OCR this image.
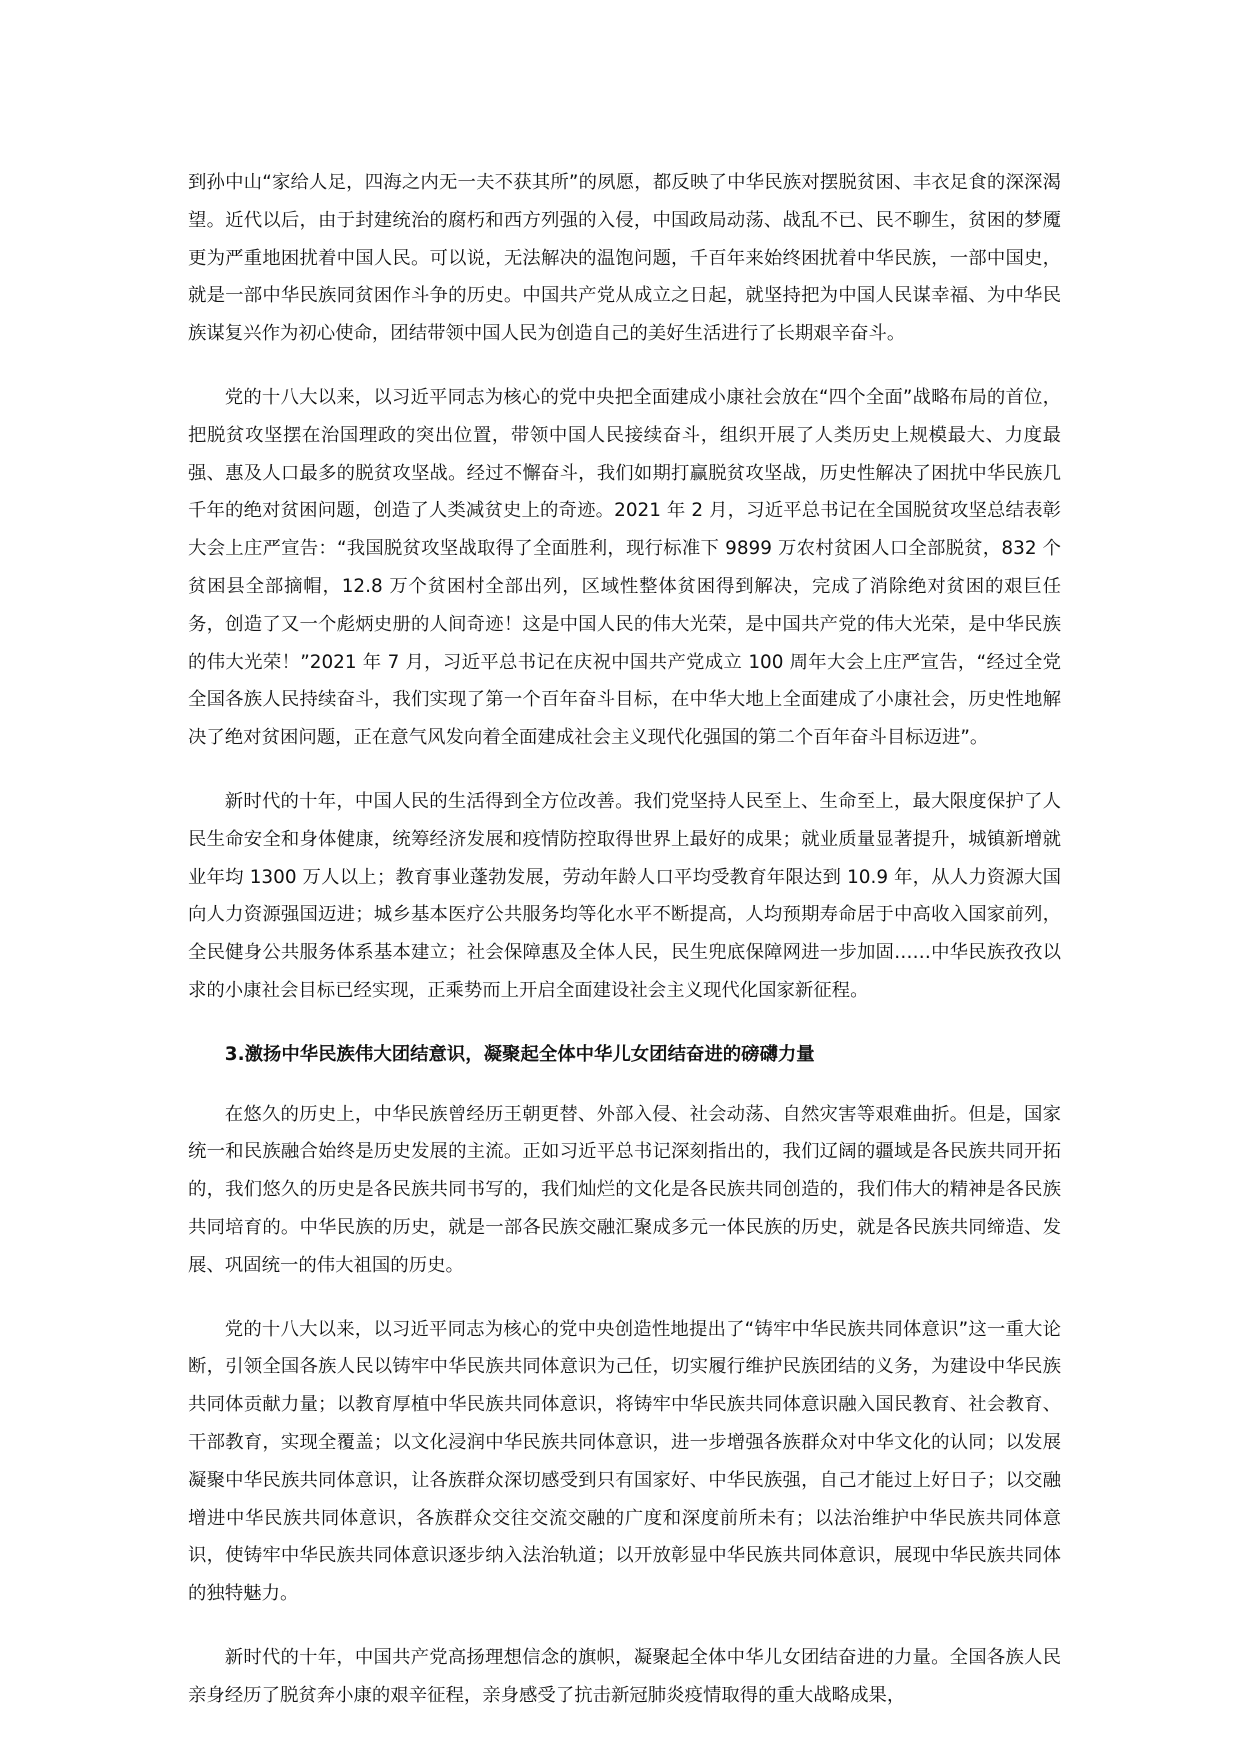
到孙中山“家给人足，四海之内无一夫不获其所”的夙愿，都反映了中华民族对摆脱贫困、丰衣足食的深深渴望。近代以后，由于封建统治的腐朽和西方列强的入侵，中国政局动荡、战乱不已、民不聊生，贫困的梦魇更为严重地困扰着中国人民。可以说，无法解决的温饱问题，千百年来始终困扰着中华民族，一部中国史，就是一部中华民族同贫困作斗争的历史。中国共产党从成立之日起，就坚持把为中国人民谋幸福、为中华民族谋复兴作为初心使命，团结带领中国人民为创造自己的美好生活进行了长期艰辛奋斗。

党的十八大以来，以习近平同志为核心的党中央把全面建成小康社会放在“四个全面”战略布局的首位，把脱贫攻坚摆在治国理政的突出位置，带领中国人民接续奋斗，组织开展了人类历史上规模最大、力度最强、惠及人口最多的脱贫攻坚战。经过不懈奋斗，我们如期打赢脱贫攻坚战，历史性解决了困扰中华民族几千年的绝对贫困问题，创造了人类减贫史上的奇迹。2021 年 2 月，习近平总书记在全国脱贫攻坚总结表彰大会上庄严宣告：“我国脱贫攻坚战取得了全面胜利，现行标准下 9899 万农村贫困人口全部脱贫，832 个贫困县全部摘帽，12.8 万个贫困村全部出列，区域性整体贫困得到解决，完成了消除绝对贫困的艰巨任务，创造了又一个彪炳史册的人间奇迹！这是中国人民的伟大光荣，是中国共产党的伟大光荣，是中华民族的伟大光荣！”2021 年 7 月，习近平总书记在庆祝中国共产党成立 100 周年大会上庄严宣告，“经过全党全国各族人民持续奋斗，我们实现了第一个百年奋斗目标，在中华大地上全面建成了小康社会，历史性地解决了绝对贫困问题，正在意气风发向着全面建成社会主义现代化强国的第二个百年奋斗目标迈进”。

新时代的十年，中国人民的生活得到全方位改善。我们党坚持人民至上、生命至上，最大限度保护了人民生命安全和身体健康，统筹经济发展和疫情防控取得世界上最好的成果；就业质量显著提升，城镇新增就业年均 1300 万人以上；教育事业蓬勃发展，劳动年龄人口平均受教育年限达到 10.9 年，从人力资源大国向人力资源强国迈进；城乡基本医疗公共服务均等化水平不断提高，人均预期寿命居于中高收入国家前列，全民健身公共服务体系基本建立；社会保障惠及全体人民，民生兜底保障网进一步加固……中华民族孜孜以求的小康社会目标已经实现，正乘势而上开启全面建设社会主义现代化国家新征程。

3.激扬中华民族伟大团结意识，凝聚起全体中华儿女团结奋进的磅礴力量

在悠久的历史上，中华民族曾经历王朝更替、外部入侵、社会动荡、自然灾害等艰难曲折。但是，国家统一和民族融合始终是历史发展的主流。正如习近平总书记深刻指出的，我们辽阔的疆域是各民族共同开拓的，我们悠久的历史是各民族共同书写的，我们灿烂的文化是各民族共同创造的，我们伟大的精神是各民族共同培育的。中华民族的历史，就是一部各民族交融汇聚成多元一体民族的历史，就是各民族共同缔造、发展、巩固统一的伟大祖国的历史。

党的十八大以来，以习近平同志为核心的党中央创造性地提出了“铸牢中华民族共同体意识”这一重大论断，引领全国各族人民以铸牢中华民族共同体意识为己任，切实履行维护民族团结的义务，为建设中华民族共同体贡献力量；以教育厚植中华民族共同体意识，将铸牢中华民族共同体意识融入国民教育、社会教育、干部教育，实现全覆盖；以文化浸润中华民族共同体意识，进一步增强各族群众对中华文化的认同；以发展凝聚中华民族共同体意识，让各族群众深切感受到只有国家好、中华民族强，自己才能过上好日子；以交融增进中华民族共同体意识，各族群众交往交流交融的广度和深度前所未有；以法治维护中华民族共同体意识，使铸牢中华民族共同体意识逐步纳入法治轨道；以开放彰显中华民族共同体意识，展现中华民族共同体的独特魅力。

新时代的十年，中国共产党高扬理想信念的旗帜，凝聚起全体中华儿女团结奋进的力量。全国各族人民亲身经历了脱贫奔小康的艰辛征程，亲身感受了抗击新冠肺炎疫情取得的重大战略成果，
